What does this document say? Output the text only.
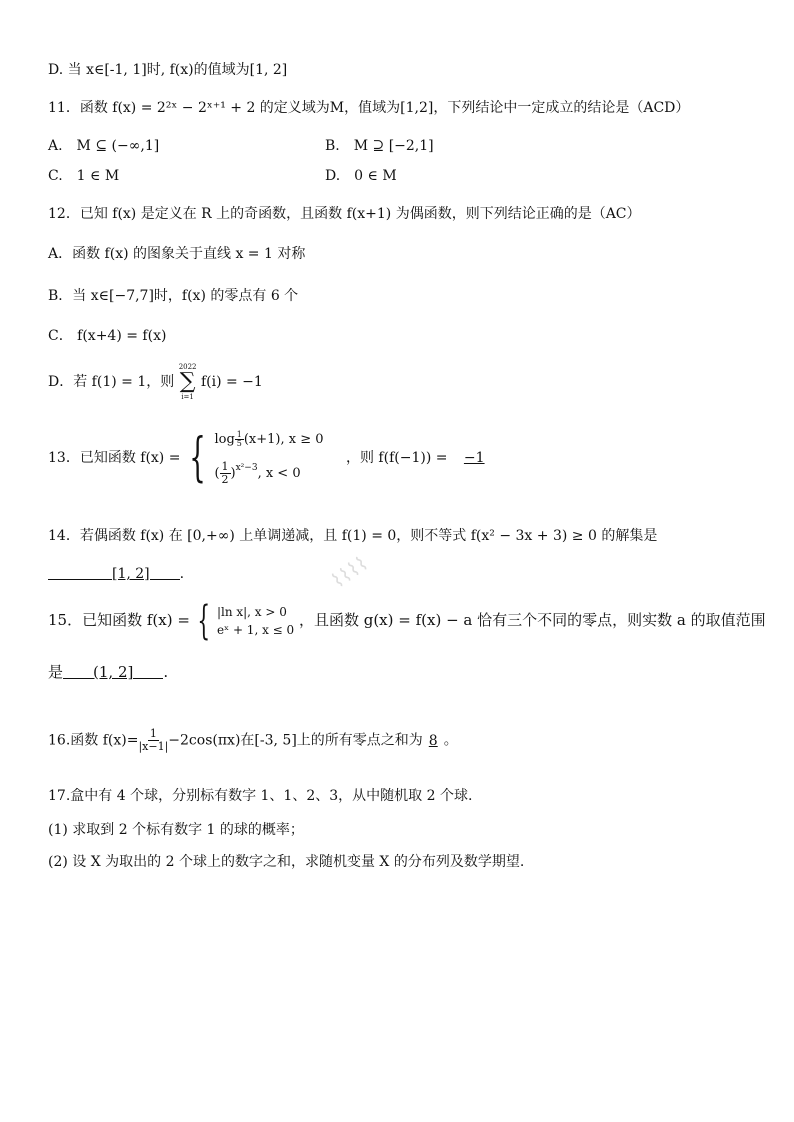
D. 当 x∈[-1, 1]时, f(x)的值域为[1, 2]
11．函数 f(x) = 2²ˣ − 2ˣ⁺¹ + 2 的定义域为M，值域为[1,2]，下列结论中一定成立的结论是（ACD）
A.　M ⊆ (−∞,1]	B.　M ⊇ [−2,1]
C.　1 ∈ M	D.　0 ∈ M
12．已知 f(x) 是定义在 R 上的奇函数，且函数 f(x+1) 为偶函数，则下列结论正确的是（AC）
A．函数 f(x) 的图象关于直线 x = 1 对称
B．当 x∈[−7,7]时，f(x) 的零点有 6 个
C． f(x+4) = f(x)
D．若 f(1) = 1，则
2022
∑
i=1
f(i) = −1
13．已知函数 f(x) = { $\log \frac{1}{5} (x+1)$, x ≥ 0
( $\frac{1}{2} )^{x^2-3}$, x < 0
，则 f(f(−1)) = −1
14．若偶函数 f(x) 在 [0,+∞) 上单调递减，且 f(1) = 0，则不等式 f(x² − 3x + 3) ≥ 0 的解集是
[1, 2] .
15．已知函数 f(x) = { |ln x|, x > 0
eˣ + 1, x ≤ 0
，且函数 g(x) = f(x) − a 恰有三个不同的零点，则实数 a 的取值范围
是 (1, 2] .
16.函数 $f(x)= \frac{1}{|x-1|} -2\cos(\pi x)$在[-3, 5]上的所有零点之和为 8 。
17.盒中有 4 个球，分别标有数字 1、1、2、3，从中随机取 2 个球.
(1) 求取到 2 个标有数字 1 的球的概率；
(2) 设 X 为取出的 2 个球上的数字之和，求随机变量 X 的分布列及数学期望.
⌇⌇⌇⌇
